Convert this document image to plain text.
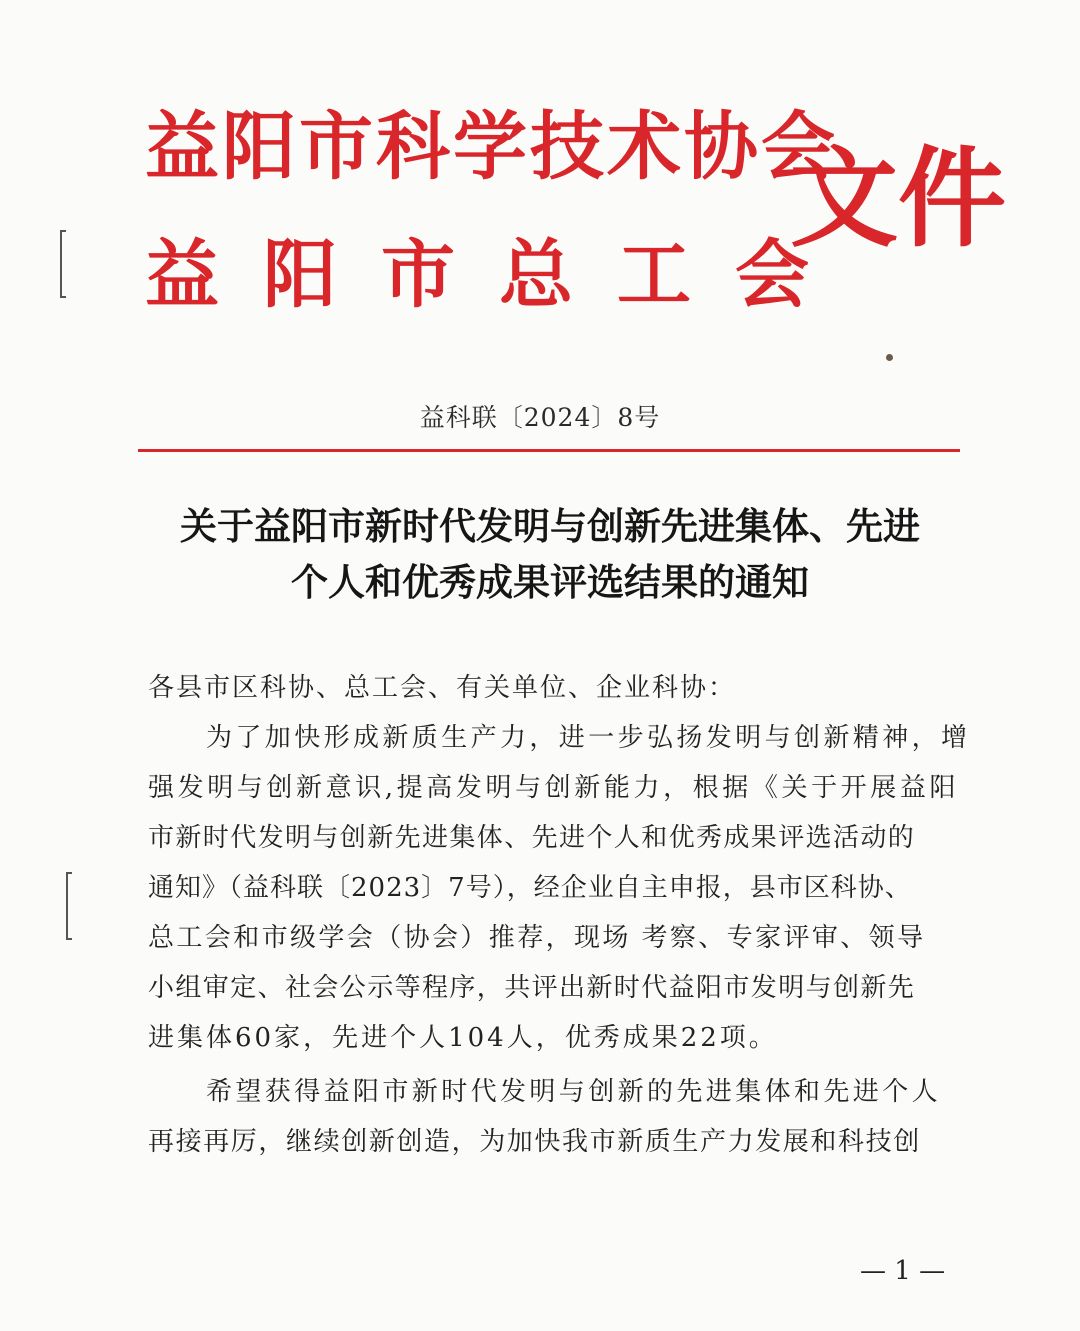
益阳市科学技术协会
益阳市总工会
文件
益科联〔2024〕8号
关于益阳市新时代发明与创新先进集体、先进
个人和优秀成果评选结果的通知
各县市区科协、总工会、有关单位、企业科协：
为了加快形成新质生产力，进一步弘扬发明与创新精神，增
强发明与创新意识,提高发明与创新能力，根据《关于开展益阳
市新时代发明与创新先进集体、先进个人和优秀成果评选活动的
通知》（益科联〔2023〕7号），经企业自主申报，县市区科协、
总工会和市级学会（协会）推荐，现场 考察、专家评审、领导
小组审定、社会公示等程序，共评出新时代益阳市发明与创新先
进集体60家，先进个人104人，优秀成果22项。
希望获得益阳市新时代发明与创新的先进集体和先进个人
再接再厉，继续创新创造，为加快我市新质生产力发展和科技创
— 1 —
